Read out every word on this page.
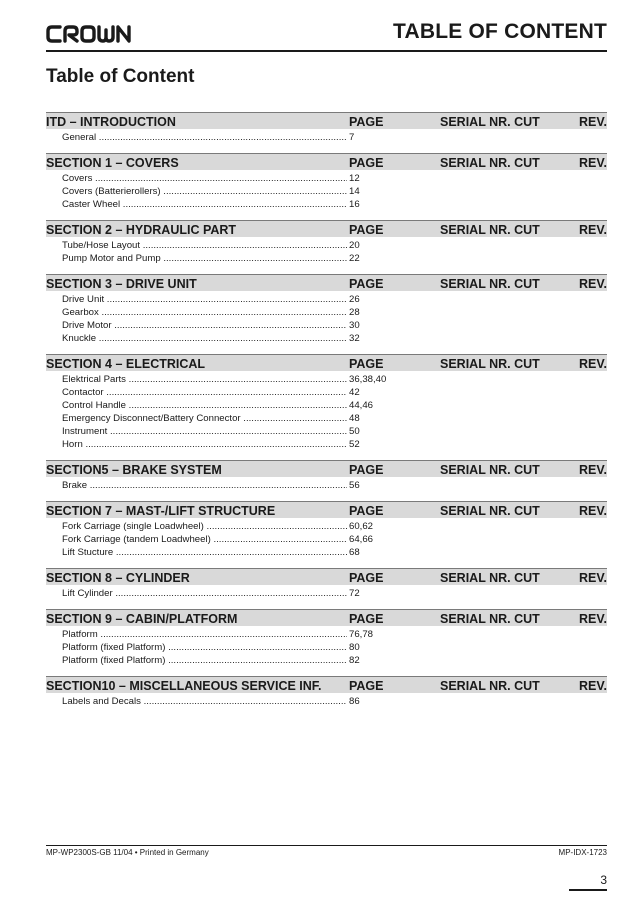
TABLE OF CONTENT
Table of Content
ITD – INTRODUCTION	PAGE	SERIAL NR. CUT	REV.
General .....	7
SECTION 1 – COVERS	PAGE	SERIAL NR. CUT	REV.
Covers .....	12
Covers (Batterierollers) .....	14
Caster Wheel .....	16
SECTION 2 – HYDRAULIC PART	PAGE	SERIAL NR. CUT	REV.
Tube/Hose Layout .....	20
Pump Motor and Pump .....	22
SECTION 3 – DRIVE UNIT	PAGE	SERIAL NR. CUT	REV.
Drive Unit .....	26
Gearbox .....	28
Drive Motor .....	30
Knuckle .....	32
SECTION 4 – ELECTRICAL	PAGE	SERIAL NR. CUT	REV.
Elektrical Parts .....	36,38,40
Contactor .....	42
Control Handle .....	44,46
Emergency Disconnect/Battery Connector .....	48
Instrument .....	50
Horn .....	52
SECTION5 – BRAKE SYSTEM	PAGE	SERIAL NR. CUT	REV.
Brake .....	56
SECTION 7 – MAST-/LIFT STRUCTURE	PAGE	SERIAL NR. CUT	REV.
Fork Carriage (single Loadwheel) .....	60,62
Fork Carriage (tandem Loadwheel) .....	64,66
Lift Stucture .....	68
SECTION 8 – CYLINDER	PAGE	SERIAL NR. CUT	REV.
Lift Cylinder .....	72
SECTION 9 – CABIN/PLATFORM	PAGE	SERIAL NR. CUT	REV.
Platform .....	76,78
Platform (fixed Platform) .....	80
Platform (fixed Platform) .....	82
SECTION10 – MISCELLANEOUS SERVICE INF. PAGE	SERIAL NR. CUT	REV.
Labels and Decals .....	86
MP-WP2300S-GB 11/04 • Printed in Germany	MP-IDX-1723
3
